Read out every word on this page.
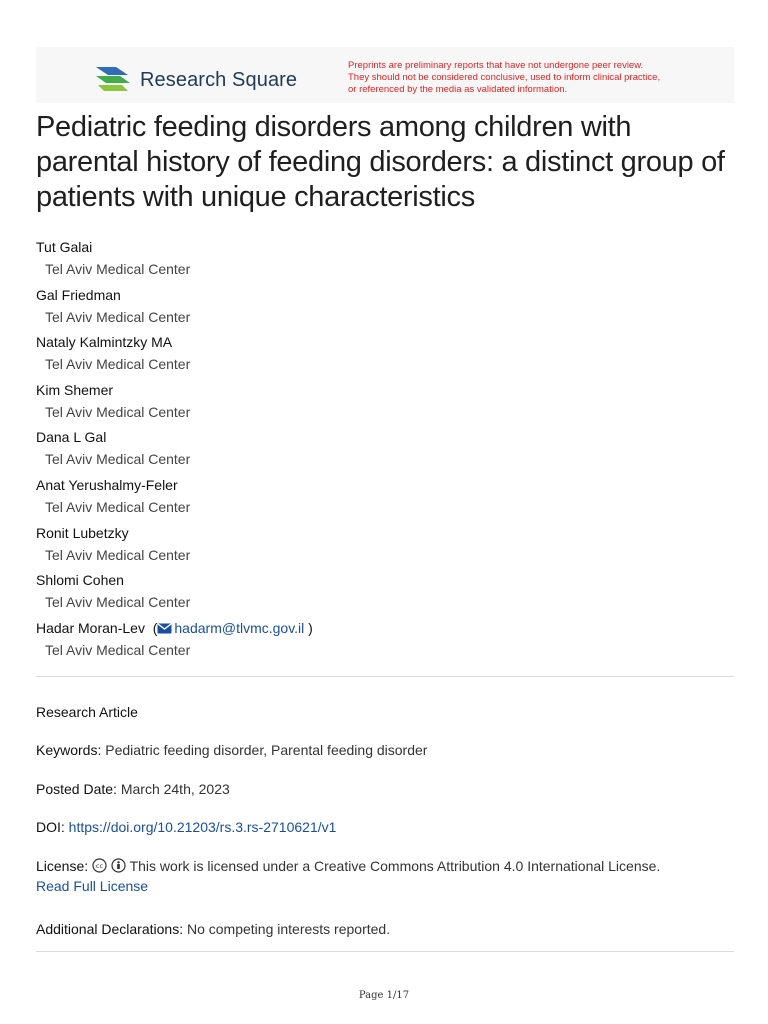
Research Square
Preprints are preliminary reports that have not undergone peer review.
They should not be considered conclusive, used to inform clinical practice,
or referenced by the media as validated information.
Pediatric feeding disorders among children with parental history of feeding disorders: a distinct group of patients with unique characteristics
Tut Galai
Tel Aviv Medical Center
Gal Friedman
Tel Aviv Medical Center
Nataly Kalmintzky MA
Tel Aviv Medical Center
Kim Shemer
Tel Aviv Medical Center
Dana L Gal
Tel Aviv Medical Center
Anat Yerushalmy-Feler
Tel Aviv Medical Center
Ronit Lubetzky
Tel Aviv Medical Center
Shlomi Cohen
Tel Aviv Medical Center
Hadar Moran-Lev  ( hadarm@tlvmc.gov.il )
Tel Aviv Medical Center
Research Article
Keywords: Pediatric feeding disorder, Parental feeding disorder
Posted Date: March 24th, 2023
DOI: https://doi.org/10.21203/rs.3.rs-2710621/v1
License: cc This work is licensed under a Creative Commons Attribution 4.0 International License.
Read Full License
Additional Declarations: No competing interests reported.
Page 1/17
